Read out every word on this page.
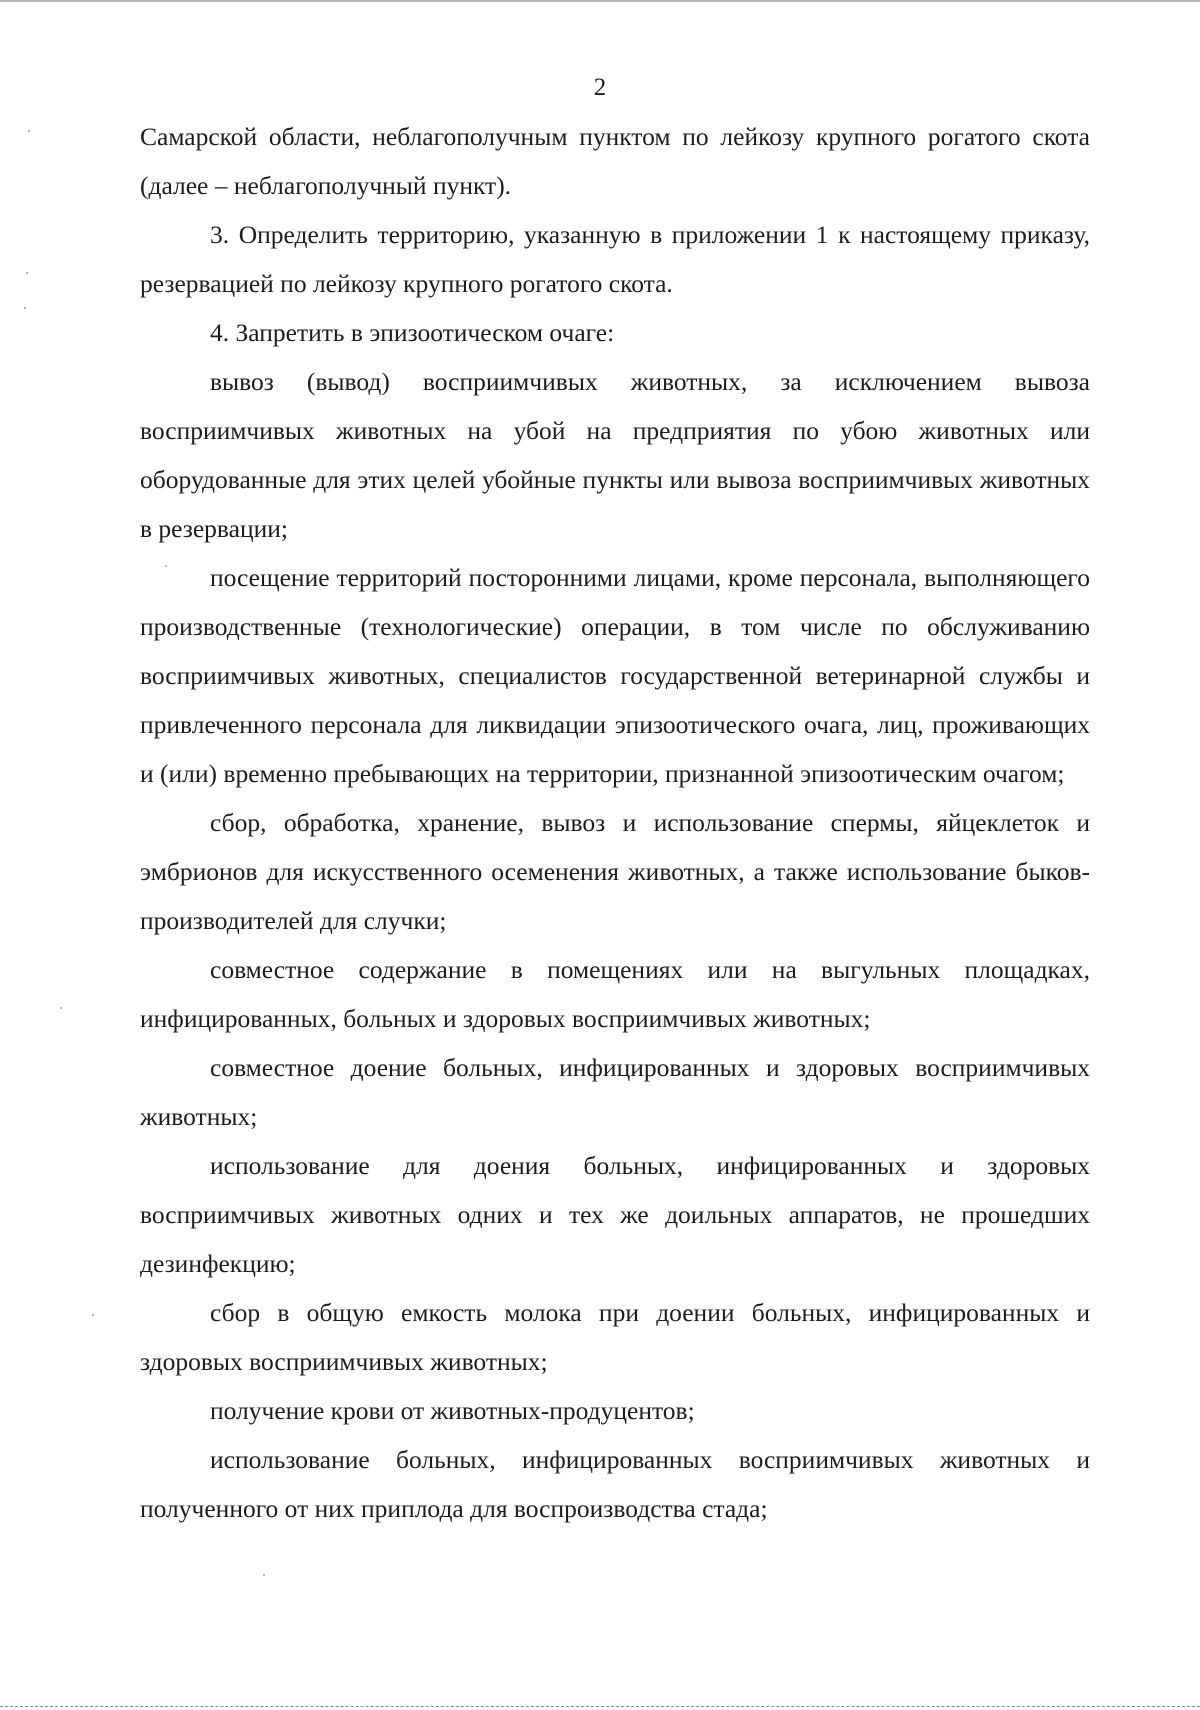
2

Самарской области, неблагополучным пунктом по лейкозу крупного рогатого скота (далее – неблагополучный пункт).

3. Определить территорию, указанную в приложении 1 к настоящему приказу, резервацией по лейкозу крупного рогатого скота.

4. Запретить в эпизоотическом очаге:

вывоз (вывод) восприимчивых животных, за исключением вывоза восприимчивых животных на убой на предприятия по убою животных или оборудованные для этих целей убойные пункты или вывоза восприимчивых животных в резервации;

посещение территорий посторонними лицами, кроме персонала, выполняющего производственные (технологические) операции, в том числе по обслуживанию восприимчивых животных, специалистов государственной ветеринарной службы и привлеченного персонала для ликвидации эпизоотического очага, лиц, проживающих и (или) временно пребывающих на территории, признанной эпизоотическим очагом;

сбор, обработка, хранение, вывоз и использование спермы, яйцеклеток и эмбрионов для искусственного осеменения животных, а также использование быков-производителей для случки;

совместное содержание в помещениях или на выгульных площадках, инфицированных, больных и здоровых восприимчивых животных;

совместное доение больных, инфицированных и здоровых восприимчивых животных;

использование для доения больных, инфицированных и здоровых восприимчивых животных одних и тех же доильных аппаратов, не прошедших дезинфекцию;

сбор в общую емкость молока при доении больных, инфицированных и здоровых восприимчивых животных;

получение крови от животных-продуцентов;

использование больных, инфицированных восприимчивых животных и полученного от них приплода для воспроизводства стада;
